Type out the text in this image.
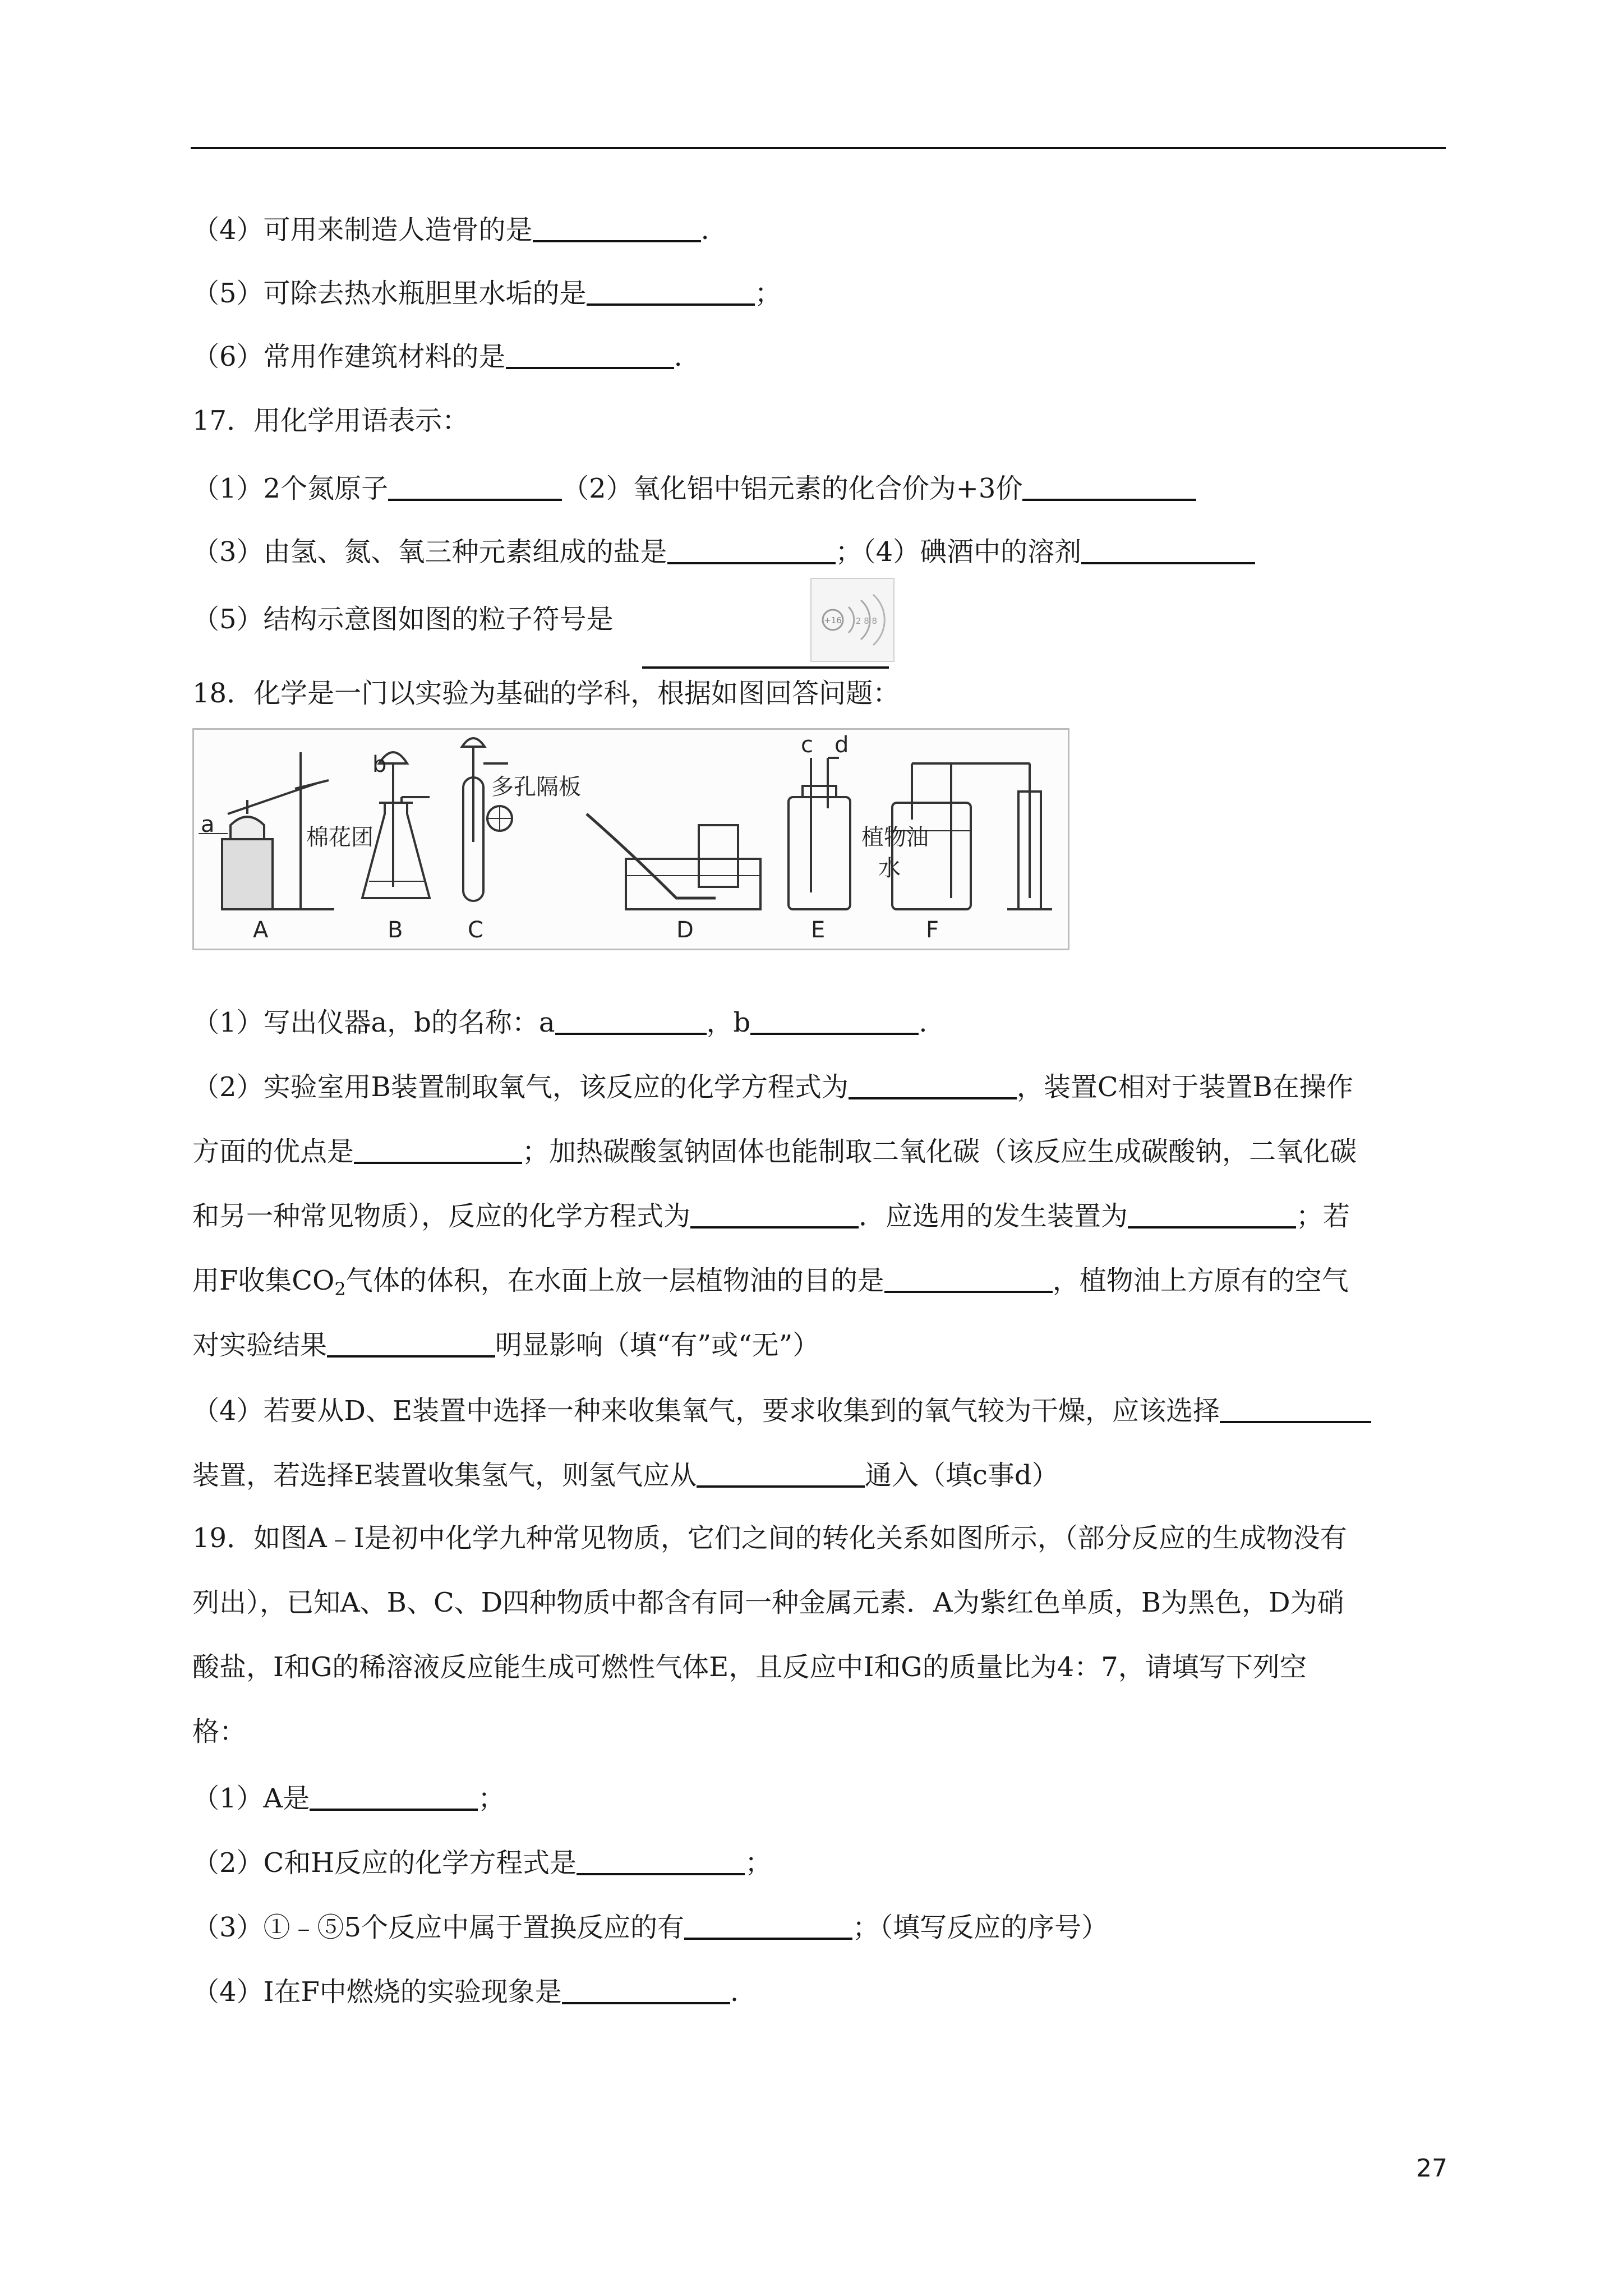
（4）可用来制造人造骨的是	.
（5）可除去热水瓶胆里水垢的是	；
（6）常用作建筑材料的是	.
17．用化学用语表示：
（1）2个氮原子	（2）氧化铝中铝元素的化合价为+3价
（3）由氢、氮、氧三种元素组成的盐是	；（4）碘酒中的溶剂
（5）结构示意图如图的粒子符号是	+16 2 8 8
18．化学是一门以实验为基础的学科，根据如图回答问题：
a	棉花团
A
b
B
多孔隔板
C	D
c d
E
植物油
水
F
（1）写出仪器a，b的名称：a	，b	.
（2）实验室用B装置制取氧气，该反应的化学方程式为	，装置C相对于装置B在操作
方面的优点是	；加热碳酸氢钠固体也能制取二氧化碳（该反应生成碳酸钠，二氧化碳
和另一种常见物质），反应的化学方程式为	．应选用的发生装置为	；若
用F收集$CO_2$气体的体积，在水面上放一层植物油的目的是	，植物油上方原有的空气
对实验结果	明显影响（填“有”或“无”）
（4）若要从D、E装置中选择一种来收集氧气，要求收集到的氧气较为干燥，应该选择
装置，若选择E装置收集氢气，则氢气应从	通入（填c事d）
19．如图A﹣I是初中化学九种常见物质，它们之间的转化关系如图所示，（部分反应的生成物没有
列出），已知A、B、C、D四种物质中都含有同一种金属元素．A为紫红色单质，B为黑色，D为硝
酸盐，I和G的稀溶液反应能生成可燃性气体E，且反应中I和G的质量比为4：7，请填写下列空
格：
（1）A是	；
（2）C和H反应的化学方程式是	；
（3）①﹣⑤5个反应中属于置换反应的有	；（填写反应的序号）
（4）I在F中燃烧的实验现象是	.
27
